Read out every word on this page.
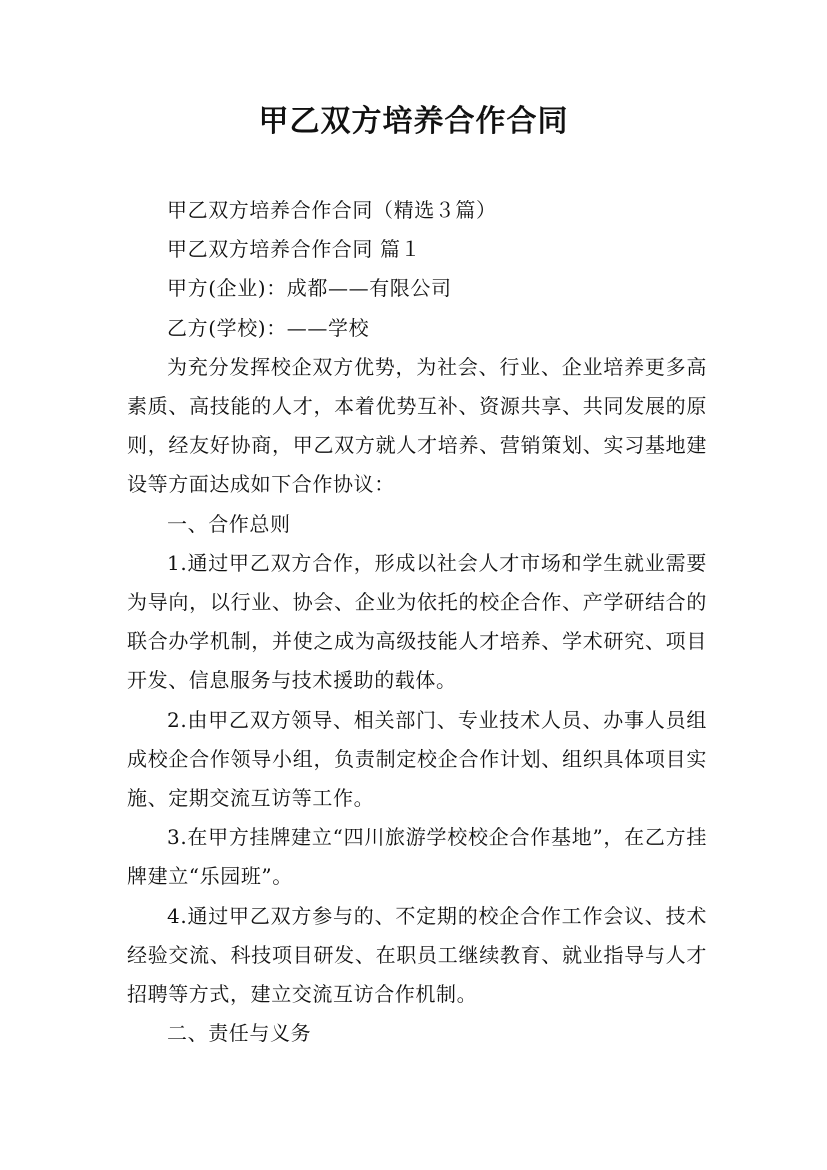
甲乙双方培养合作合同

甲乙双方培养合作合同（精选３篇）

甲乙双方培养合作合同 篇１

甲方(企业)：成都——有限公司

乙方(学校)：——学校

为充分发挥校企双方优势，为社会、行业、企业培养更多高素质、高技能的人才，本着优势互补、资源共享、共同发展的原则，经友好协商，甲乙双方就人才培养、营销策划、实习基地建设等方面达成如下合作协议：

一、合作总则

1.通过甲乙双方合作，形成以社会人才市场和学生就业需要为导向，以行业、协会、企业为依托的校企合作、产学研结合的联合办学机制，并使之成为高级技能人才培养、学术研究、项目开发、信息服务与技术援助的载体。

2.由甲乙双方领导、相关部门、专业技术人员、办事人员组成校企合作领导小组，负责制定校企合作计划、组织具体项目实施、定期交流互访等工作。

3.在甲方挂牌建立“四川旅游学校校企合作基地”，在乙方挂牌建立“乐园班”。

4.通过甲乙双方参与的、不定期的校企合作工作会议、技术经验交流、科技项目研发、在职员工继续教育、就业指导与人才招聘等方式，建立交流互访合作机制。

二、责任与义务
